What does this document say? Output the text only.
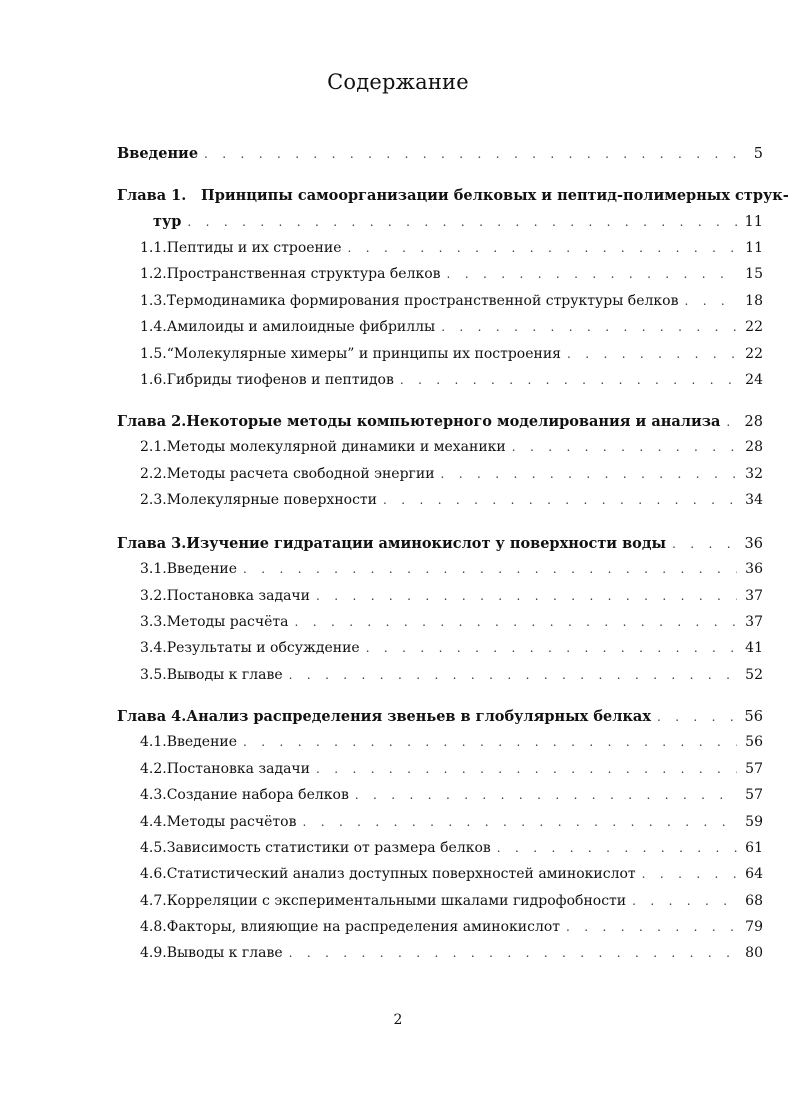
Содержание
Введение . . .	5
Глава 1. Принципы самоорганизации белковых и пептид-полимерных струк-
тур . . .	11
1.1. Пептиды и их строение . . .	11
1.2. Пространственная структура белков . . .	15
1.3. Термодинамика формирования пространственной структуры белков . . .	18
1.4. Амилоиды и амилоидные фибриллы . . .	22
1.5. “Молекулярные химеры” и принципы их построения . . .	22
1.6. Гибриды тиофенов и пептидов . . .	24
Глава 2. Некоторые методы компьютерного моделирования и анализа . . . 28
2.1. Методы молекулярной динамики и механики . . .	28
2.2. Методы расчета свободной энергии . . .	32
2.3. Молекулярные поверхности . . .	34
Глава 3. Изучение гидратации аминокислот у поверхности воды . . .	36
3.1. Введение . . .	36
3.2. Постановка задачи . . .	37
3.3. Методы расчёта . . .	37
3.4. Результаты и обсуждение . . .	41
3.5. Выводы к главе . . .	52
Глава 4. Анализ распределения звеньев в глобулярных белках . . .	56
4.1. Введение . . .	56
4.2. Постановка задачи . . .	57
4.3. Создание набора белков . . .	57
4.4. Методы расчётов . . .	59
4.5. Зависимость статистики от размера белков . . .	61
4.6. Статистический анализ доступных поверхностей аминокислот . . .	64
4.7. Корреляции с экспериментальными шкалами гидрофобности . . .	68
4.8. Факторы, влияющие на распределения аминокислот . . .	79
4.9. Выводы к главе . . .	80
2
